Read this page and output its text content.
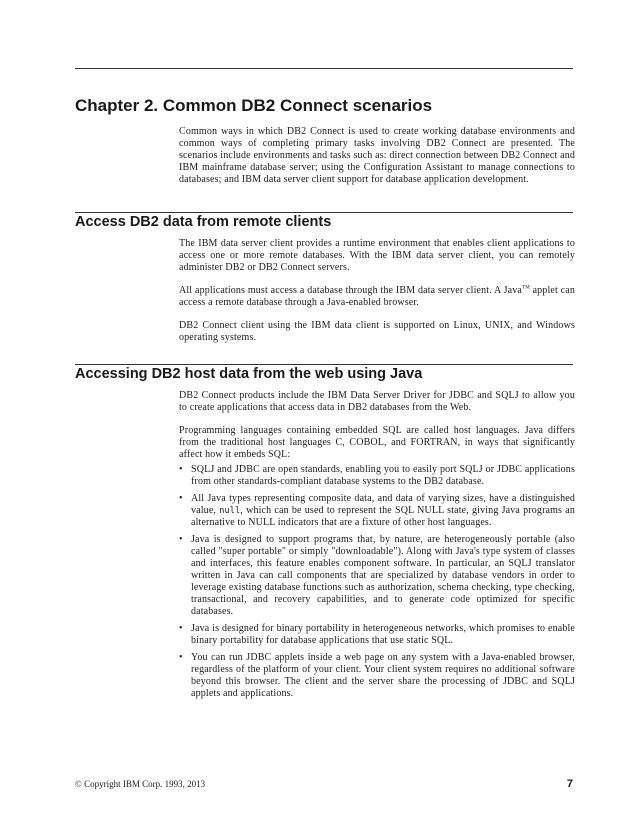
Chapter 2. Common DB2 Connect scenarios

Common ways in which DB2 Connect is used to create working database environments and common ways of completing primary tasks involving DB2 Connect are presented. The scenarios include environments and tasks such as: direct connection between DB2 Connect and IBM mainframe database server; using the Configuration Assistant to manage connections to databases; and IBM data server client support for database application development.

Access DB2 data from remote clients

The IBM data server client provides a runtime environment that enables client applications to access one or more remote databases. With the IBM data server client, you can remotely administer DB2 or DB2 Connect servers.

All applications must access a database through the IBM data server client. A Java™ applet can access a remote database through a Java-enabled browser.

DB2 Connect client using the IBM data client is supported on Linux, UNIX, and Windows operating systems.

Accessing DB2 host data from the web using Java

DB2 Connect products include the IBM Data Server Driver for JDBC and SQLJ to allow you to create applications that access data in DB2 databases from the Web.

Programming languages containing embedded SQL are called host languages. Java differs from the traditional host languages C, COBOL, and FORTRAN, in ways that significantly affect how it embeds SQL:

• SQLJ and JDBC are open standards, enabling you to easily port SQLJ or JDBC applications from other standards-compliant database systems to the DB2 database.
• All Java types representing composite data, and data of varying sizes, have a distinguished value, null, which can be used to represent the SQL NULL state, giving Java programs an alternative to NULL indicators that are a fixture of other host languages.
• Java is designed to support programs that, by nature, are heterogeneously portable (also called "super portable" or simply "downloadable"). Along with Java's type system of classes and interfaces, this feature enables component software. In particular, an SQLJ translator written in Java can call components that are specialized by database vendors in order to leverage existing database functions such as authorization, schema checking, type checking, transactional, and recovery capabilities, and to generate code optimized for specific databases.
• Java is designed for binary portability in heterogeneous networks, which promises to enable binary portability for database applications that use static SQL.
• You can run JDBC applets inside a web page on any system with a Java-enabled browser, regardless of the platform of your client. Your client system requires no additional software beyond this browser. The client and the server share the processing of JDBC and SQLJ applets and applications.
© Copyright IBM Corp. 1993, 2013	7
